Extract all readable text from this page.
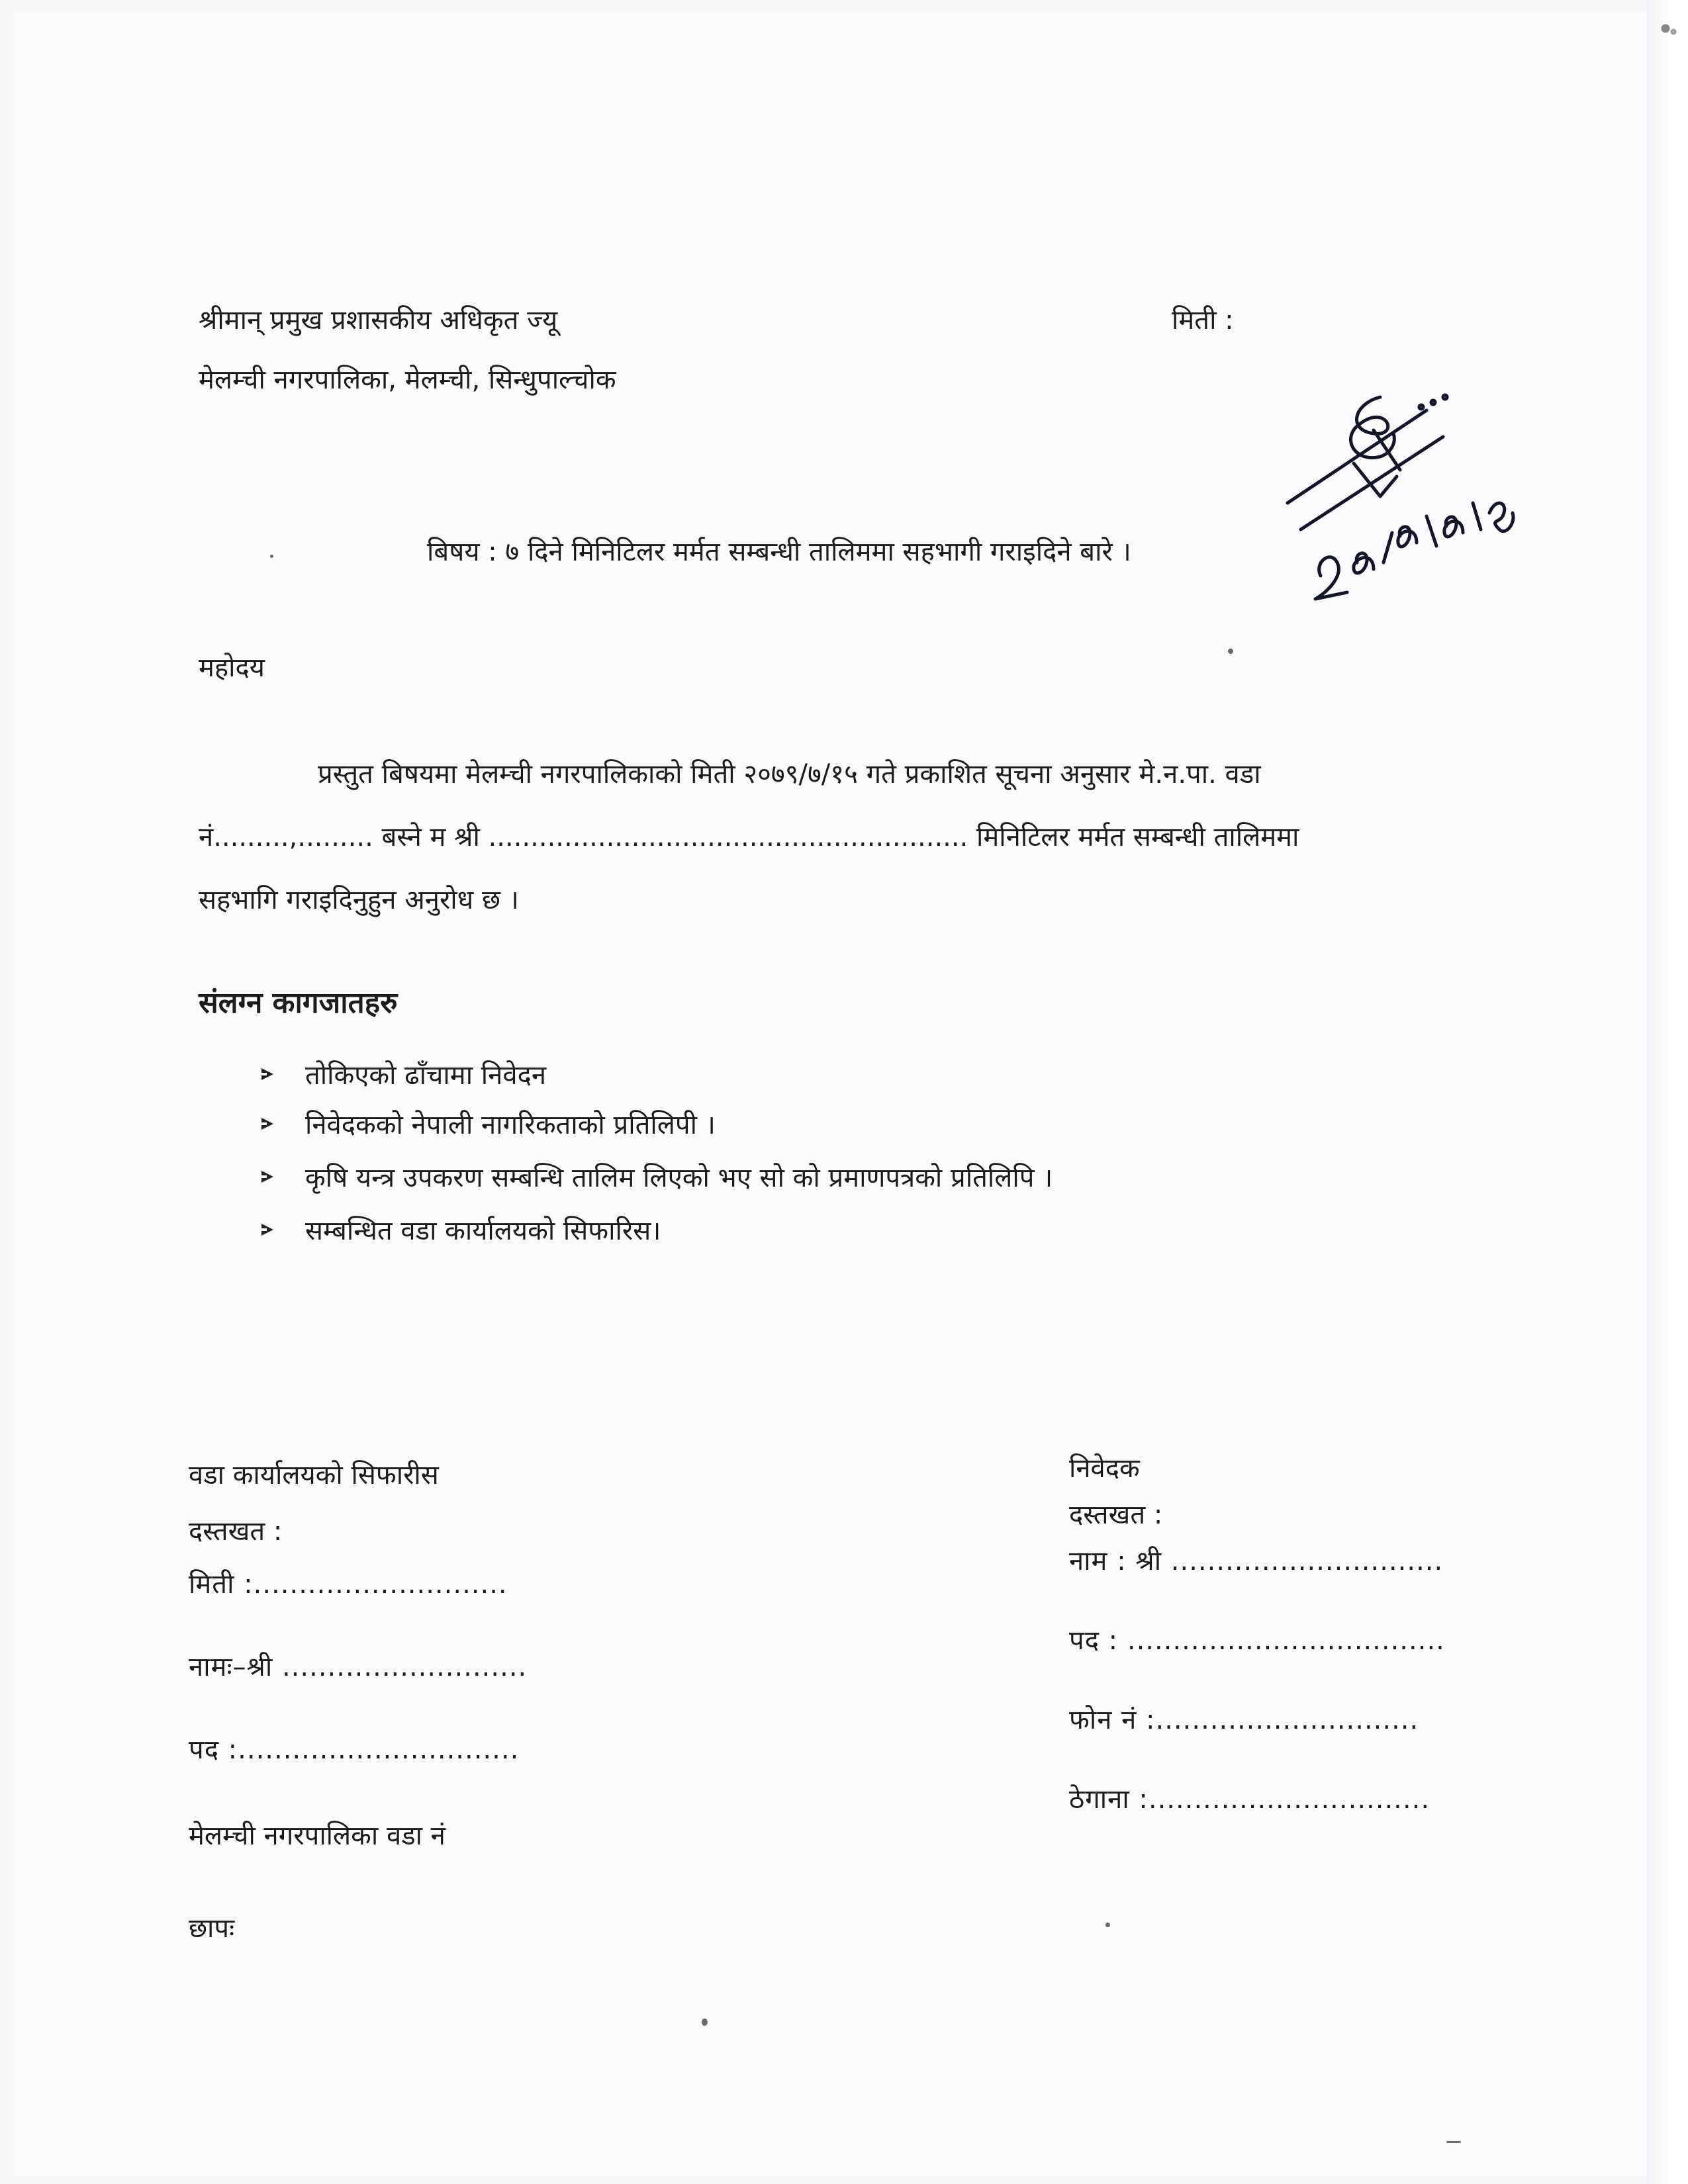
श्रीमान् प्रमुख प्रशासकीय अधिकृत ज्यू
मेलम्ची नगरपालिका, मेलम्ची, सिन्धुपाल्चोक
मिती :
बिषय : ७ दिने मिनिटिलर मर्मत सम्बन्धी तालिममा सहभागी गराइदिने बारे ।
महोदय
प्रस्तुत बिषयमा मेलम्ची नगरपालिकाको मिती २०७९/७/१५ गते प्रकाशित सूचना अनुसार मे.न.पा. वडा
नं.........,......... बस्ने म श्री ......................................................... मिनिटिलर मर्मत सम्बन्धी तालिममा
सहभागि गराइदिनुहुन अनुरोध छ ।
संलग्न कागजातहरु
तोकिएको ढाँचामा निवेदन
निवेदकको नेपाली नागरिकताको प्रतिलिपी ।
कृषि यन्त्र उपकरण सम्बन्धि तालिम लिएको भए सो को प्रमाणपत्रको प्रतिलिपि ।
सम्बन्धित वडा कार्यालयको सिफारिस।
वडा कार्यालयको सिफारीस
दस्तखत :
मिती :............................
नामः–श्री ...........................
पद :...............................
मेलम्ची नगरपालिका वडा नं
छापः
निवेदक
दस्तखत :
नाम : श्री ..............................
पद : ...................................
फोन नं :.............................
ठेगाना :...............................
